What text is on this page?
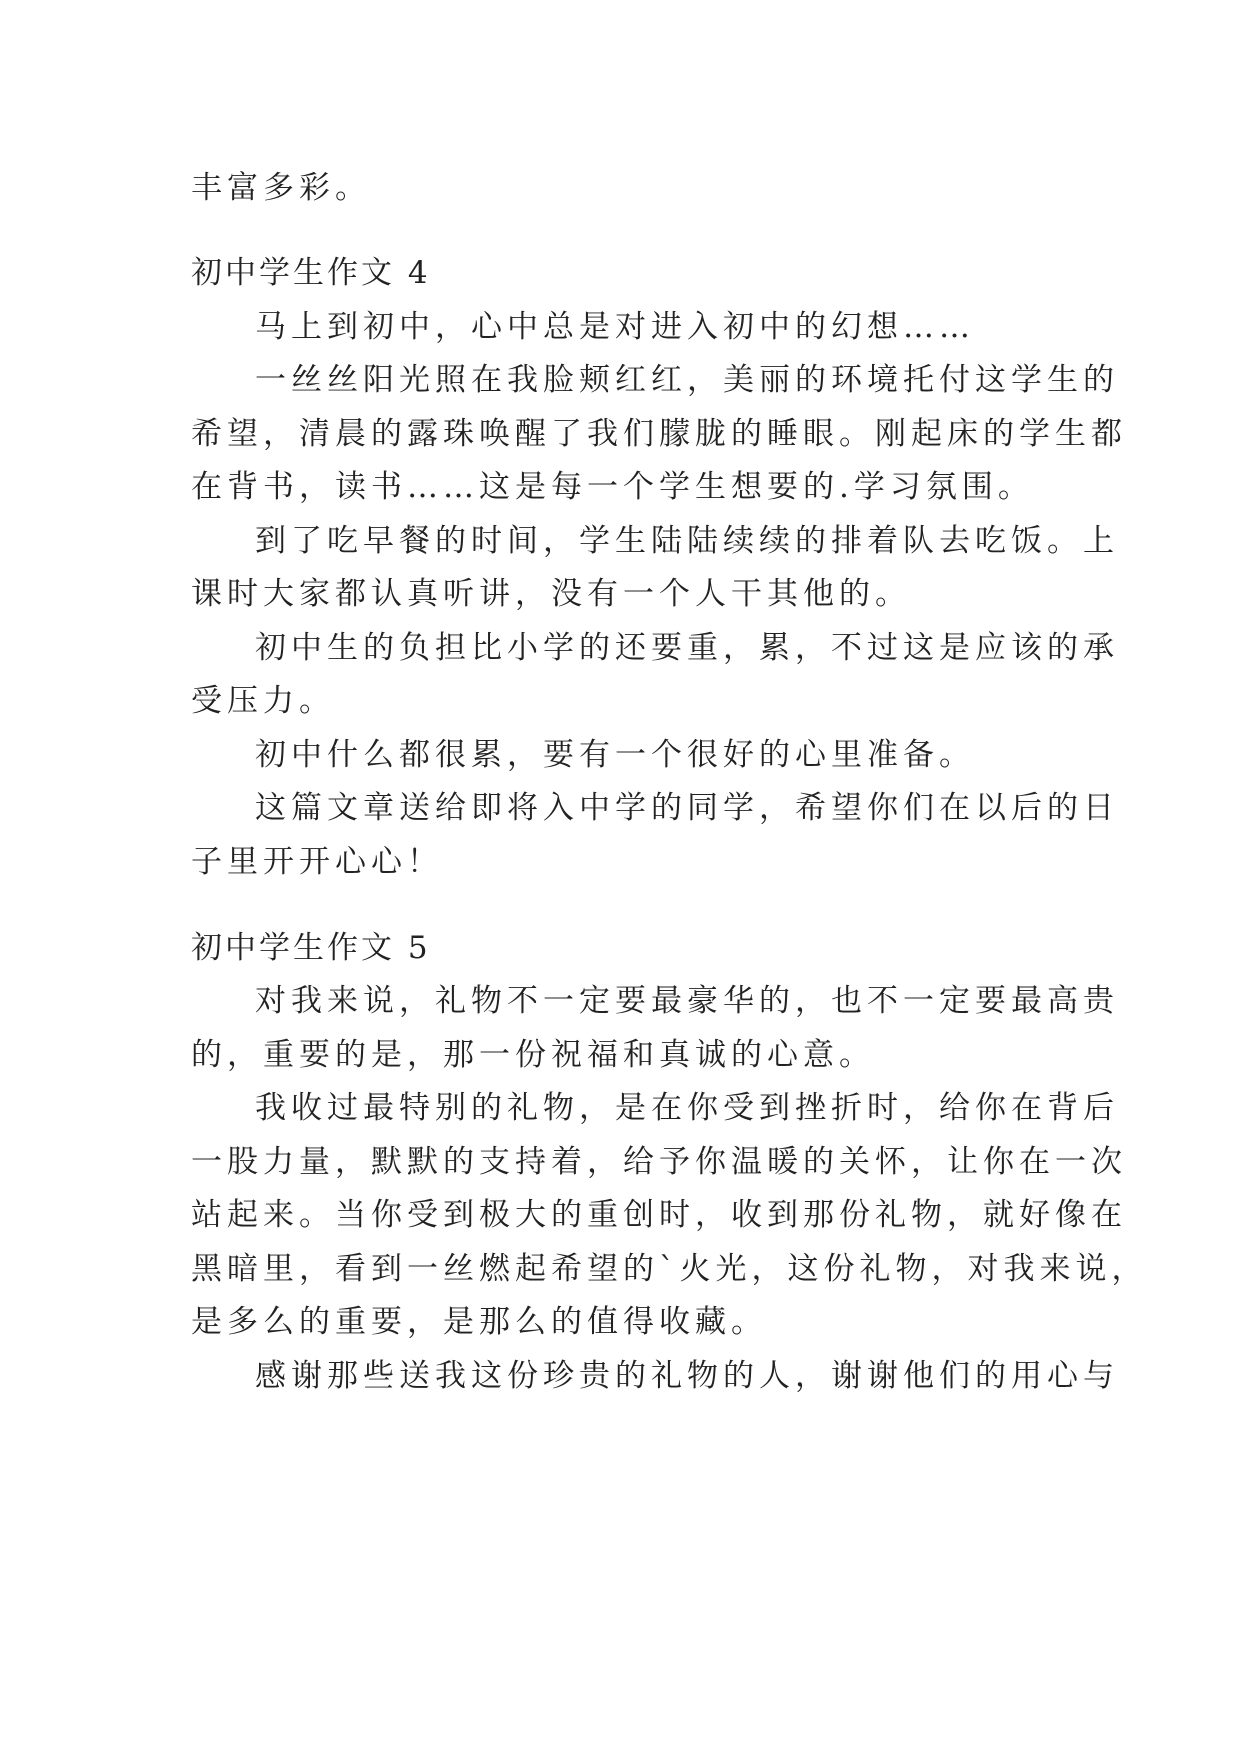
丰富多彩。
初中学生作文 4
马上到初中，心中总是对进入初中的幻想……
一丝丝阳光照在我脸颊红红，美丽的环境托付这学生的
希望，清晨的露珠唤醒了我们朦胧的睡眼。刚起床的学生都
在背书，读书……这是每一个学生想要的.学习氛围。
到了吃早餐的时间，学生陆陆续续的排着队去吃饭。上
课时大家都认真听讲，没有一个人干其他的。
初中生的负担比小学的还要重，累，不过这是应该的承
受压力。
初中什么都很累，要有一个很好的心里准备。
这篇文章送给即将入中学的同学，希望你们在以后的日
子里开开心心！
初中学生作文 5
对我来说，礼物不一定要最豪华的，也不一定要最高贵
的，重要的是，那一份祝福和真诚的心意。
我收过最特别的礼物，是在你受到挫折时，给你在背后
一股力量，默默的支持着，给予你温暖的关怀，让你在一次
站起来。当你受到极大的重创时，收到那份礼物，就好像在
黑暗里，看到一丝燃起希望的`火光，这份礼物，对我来说，
是多么的重要，是那么的值得收藏。
感谢那些送我这份珍贵的礼物的人，谢谢他们的用心与
